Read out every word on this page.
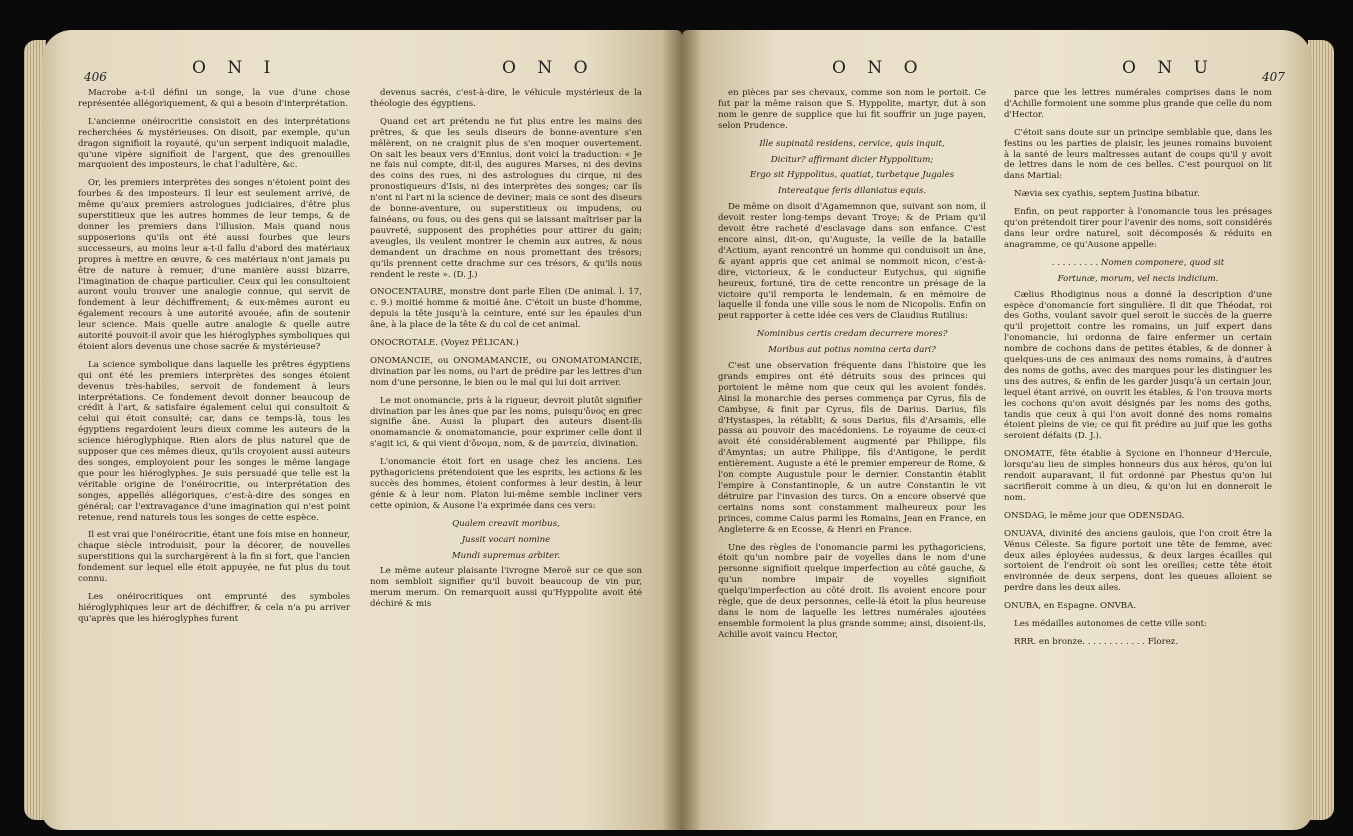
406	O N I	O N O

Macrobe a-t-il défini un songe, la vue d'une chose représentée allégoriquement, & qui a besoin d'interprétation.

L'ancienne onéirocritie consistoit en des interprétations recherchées & mystérieuses. On disoit, par exemple, qu'un dragon signifioit la royauté, qu'un serpent indiquoit maladie, qu'une vipère signifioit de l'argent, que des grenouilles marquoient des imposteurs, le chat l'adultère, &c.

Or, les premiers interprètes des songes n'étoient point des fourbes & des imposteurs. Il leur est seulement arrivé, de même qu'aux premiers astrologues judiciaires, d'être plus superstitieux que les autres hommes de leur temps, & de donner les premiers dans l'illusion. Mais quand nous supposerions qu'ils ont été aussi fourbes que leurs successeurs, au moins leur a-t-il fallu d'abord des matériaux propres à mettre en œuvre, & ces matériaux n'ont jamais pu être de nature à remuer, d'une manière aussi bizarre, l'imagination de chaque particulier. Ceux qui les consultoient auront voulu trouver une analogie connue, qui servit de fondement à leur déchiffrement; & eux-mêmes auront eu également recours à une autorité avouée, afin de soutenir leur science. Mais quelle autre analogie & quelle autre autorité pouvoit-il avoir que les hiéroglyphes symboliques qui étoient alors devenus une chose sacrée & mystérieuse?

La science symbolique dans laquelle les prêtres égyptiens qui ont été les premiers interprètes des songes étoient devenus très-habiles, servoit de fondement à leurs interprétations. Ce fondement devoit donner beaucoup de crédit à l'art, & satisfaire également celui qui consultoit & celui qui étoit consulté; car, dans ce temps-là, tous les égyptiens regardoient leurs dieux comme les auteurs de la science hiéroglyphique. Rien alors de plus naturel que de supposer que ces mêmes dieux, qu'ils croyoient aussi auteurs des songes, employoient pour les songes le même langage que pour les hiéroglyphes. Je suis persuadé que telle est la véritable origine de l'onéirocritie, ou interprétation des songes, appellés allégoriques, c'est-à-dire des songes en général; car l'extravagance d'une imagination qui n'est point retenue, rend naturels tous les songes de cette espèce.

Il est vrai que l'onéirocritie, étant une fois mise en honneur, chaque siècle introduisit, pour la décorer, de nouvelles superstitions qui la surchargèrent à la fin si fort, que l'ancien fondement sur lequel elle étoit appuyée, ne fut plus du tout connu.

Les onéirocritiques ont emprunté des symboles hiéroglyphiques leur art de déchiffrer, & cela n'a pu arriver qu'après que les hiéroglyphes furent

devenus sacrés, c'est-à-dire, le véhicule mystérieux de la théologie des égyptiens.

Quand cet art prétendu ne fut plus entre les mains des prêtres, & que les seuls diseurs de bonne-aventure s'en mêlèrent, on ne craignit plus de s'en moquer ouvertement. On sait les beaux vers d'Ennius, dont voici la traduction: « Je ne fais nul compte, dit-il, des augures Marses, ni des devins des coins des rues, ni des astrologues du cirque, ni des pronostiqueurs d'Isis, ni des interprètes des songes; car ils n'ont ni l'art ni la science de deviner; mais ce sont des diseurs de bonne-aventure, ou superstitieux ou impudens, ou fainéans, ou fous, ou des gens qui se laissant maîtriser par la pauvreté, supposent des prophéties pour attirer du gain; aveugles, ils veulent montrer le chemin aux autres, & nous demandent un drachme en nous promettant des trésors; qu'ils prennent cette drachme sur ces trésors, & qu'ils nous rendent le reste ». (D. J.)

ONOCENTAURE, monstre dont parle Elien (De animal. l. 17, c. 9.) moitié homme & moitié âne. C'étoit un buste d'homme, depuis la tête jusqu'à la ceinture, enté sur les épaules d'un âne, à la place de la tête & du col de cet animal.

ONOCROTALE. (Voyez PÉLICAN.)

ONOMANCIE, ou ONOMAMANCIE, ou ONOMATOMANCIE, divination par les noms, ou l'art de prédire par les lettres d'un nom d'une personne, le bien ou le mal qui lui doit arriver.

Le mot onomancie, pris à la rigueur, devroit plutôt signifier divination par les ânes que par les noms, puisqu'ὄνος en grec signifie âne. Aussi la plupart des auteurs disent-ils onomamancie & onomatomancie, pour exprimer celle dont il s'agit ici, & qui vient d'ὄνομα, nom, & de μαντεία, divination.

L'onomancie étoit fort en usage chez les anciens. Les pythagoriciens prétendoient que les esprits, les actions & les succès des hommes, étoient conformes à leur destin, à leur génie & à leur nom. Platon lui-même semble incliner vers cette opinion, & Ausone l'a exprimée dans ces vers:

Qualem creavit moribus,

Jussit vocari nomine

Mundi supremus arbiter.

Le même auteur plaisante l'ivrogne Meroë sur ce que son nom sembloit signifier qu'il buvoit beaucoup de vin pur, merum merum. On remarquoit aussi qu'Hyppolite avoit été déchiré & mis

O N O	O N U	407

en pièces par ses chevaux, comme son nom le portoit. Ce fut par la même raison que S. Hyppolite, martyr, dut à son nom le genre de supplice que lui fit souffrir un juge payen, selon Prudence.

Ille supinatâ residens, cervice, quis inquit,

Dicitur? affirmant dicier Hyppolitum;

Ergo sit Hyppolitus, quatiat, turbetque Jugales

Intereatque feris dilaniatus equis.

De même on disoit d'Agamemnon que, suivant son nom, il devoit rester long-temps devant Troye; & de Priam qu'il devoit être racheté d'esclavage dans son enfance. C'est encore ainsi, dit-on, qu'Auguste, la veille de la bataille d'Actium, ayant rencontré un homme qui conduisoit un âne, & ayant appris que cet animal se nommoit nicon, c'est-à-dire, victorieux, & le conducteur Eutychus, qui signifie heureux, fortuné, tira de cette rencontre un présage de la victoire qu'il remporta le lendemain, & en mémoire de laquelle il fonda une ville sous le nom de Nicopolis. Enfin on peut rapporter à cette idée ces vers de Claudius Rutilius:

Nominibus certis credam decurrere mores?

Moribus aut potius nomina certa dari?

C'est une observation fréquente dans l'histoire que les grands empires ont été détruits sous des princes qui portoient le même nom que ceux qui les avoient fondés. Ainsi la monarchie des perses commença par Cyrus, fils de Cambyse, & finit par Cyrus, fils de Darius. Darius, fils d'Hystaspes, la rétablit; & sous Darius, fils d'Arsamis, elle passa au pouvoir des macédoniens. Le royaume de ceux-ci avoit été considérablement augmenté par Philippe, fils d'Amyntas; un autre Philippe, fils d'Antigone, le perdit entièrement. Auguste a été le premier empereur de Rome, & l'on compte Augustule pour le dernier. Constantin établit l'empire à Constantinople, & un autre Constantin le vit détruire par l'invasion des turcs. On a encore observé que certains noms sont constamment malheureux pour les princes, comme Caius parmi les Romains, Jean en France, en Angleterre & en Ecosse, & Henri en France.

Une des règles de l'onomancie parmi les pythagoriciens, étoit qu'un nombre pair de voyelles dans le nom d'une personne signifioit quelque imperfection au côté gauche, & qu'un nombre impair de voyelles signifioit quelqu'imperfection au côté droit. Ils avoient encore pour règle, que de deux personnes, celle-là étoit la plus heureuse dans le nom de laquelle les lettres numérales ajoutées ensemble formoient la plus grande somme; ainsi, disoient-ils, Achille avoit vaincu Hector,

parce que les lettres numérales comprises dans le nom d'Achille formoient une somme plus grande que celle du nom d'Hector.

C'étoit sans doute sur un principe semblable que, dans les festins ou les parties de plaisir, les jeunes romains buvoient à la santé de leurs maîtresses autant de coups qu'il y avoit de lettres dans le nom de ces belles. C'est pourquoi on lit dans Martial:

Nævia sex cyathis, septem Justina bibatur.

Enfin, on peut rapporter à l'onomancie tous les présages qu'on prétendoit tirer pour l'avenir des noms, soit considérés dans leur ordre naturel, soit décomposés & réduits en anagramme, ce qu'Ausone appelle:

. . . . . . . . . Nomen componere, quod sit

Fortunæ, morum, vel necis indicium.

Cælius Rhodiginus nous a donné la description d'une espèce d'onomancie fort singulière. Il dit que Théodat, roi des Goths, voulant savoir quel seroit le succès de la guerre qu'il projettoit contre les romains, un juif expert dans l'onomancie, lui ordonna de faire enfermer un certain nombre de cochons dans de petites étables, & de donner à quelques-uns de ces animaux des noms romains, à d'autres des noms de goths, avec des marques pour les distinguer les uns des autres, & enfin de les garder jusqu'à un certain jour, lequel étant arrivé, on ouvrit les étables, & l'on trouva morts les cochons qu'on avoit désignés par les noms des goths, tandis que ceux à qui l'on avoit donné des noms romains étoient pleins de vie; ce qui fit prédire au juif que les goths seroient défaits (D. J.).

ONOMATE, fête établie à Sycione en l'honneur d'Hercule, lorsqu'au lieu de simples honneurs dus aux héros, qu'on lui rendoit auparavant, il fut ordonné par Phestus qu'on lui sacrifieroit comme à un dieu, & qu'on lui en donneroit le nom.

ONSDAG, le même jour que ODENSDAG.

ONUAVA, divinité des anciens gaulois, que l'on croit être la Vénus Céleste. Sa figure portoit une tête de femme, avec deux ailes éployées audessus, & deux larges écailles qui sortoient de l'endroit où sont les oreilles; cette tête étoit environnée de deux serpens, dont les queues alloient se perdre dans les deux ailes.

ONUBA, en Espagne. ONVBA.

Les médailles autonomes de cette ville sont:

RRR. en bronze. . . . . . . . . . . . Florez.
